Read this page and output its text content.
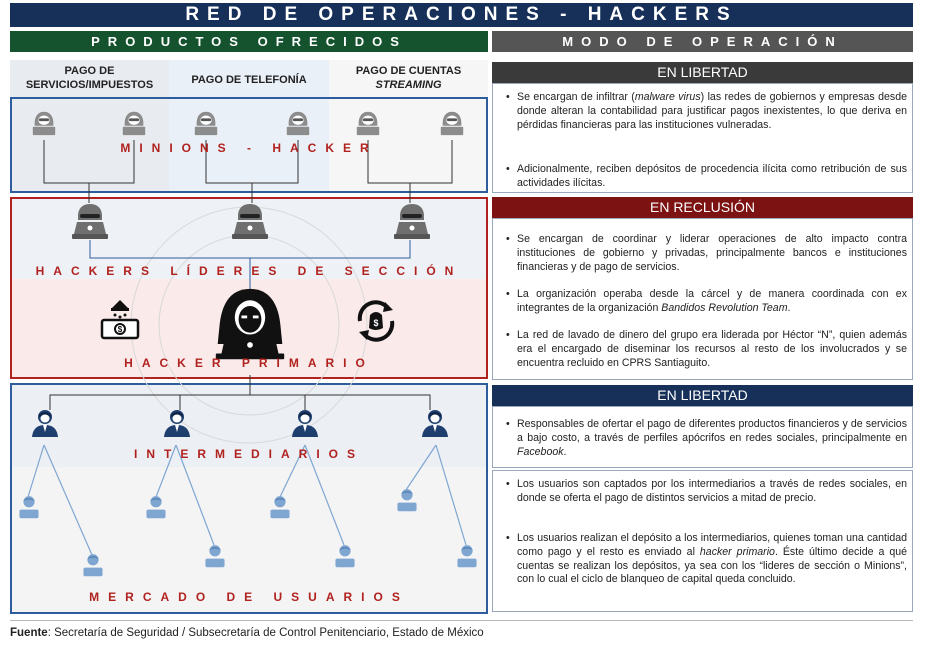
RED DE OPERACIONES - HACKERS
PRODUCTOS OFRECIDOS	MODO DE OPERACIÓN
PAGO DE
SERVICIOS/IMPUESTOS	PAGO DE TELEFONÍA
PAGO DE CUENTAS
STREAMING
MINIONS - HACKER
HACKERS LÍDERES DE SECCIÓN
$
$
HACKER PRIMARIO
INTERMEDIARIOS
MERCADO DE USUARIOS
EN LIBERTAD
• Se encargan de infiltrar (malware virus) las redes de gobiernos y empresas desde donde alteran la contabilidad para justificar pagos inexistentes, lo que deriva en pérdidas financieras para las instituciones vulneradas.
• Adicionalmente, reciben depósitos de procedencia ilícita como retribución de sus actividades ilícitas.
EN RECLUSIÓN
• Se encargan de coordinar y liderar operaciones de alto impacto contra instituciones de gobierno y privadas, principalmente bancos e instituciones financieras y de pago de servicios.
• La organización operaba desde la cárcel y de manera coordinada con ex integrantes de la organización Bandidos Revolution Team.
• La red de lavado de dinero del grupo era liderada por Héctor “N”, quien además era el encargado de diseminar los recursos al resto de los involucrados y se encuentra recluido en CPRS Santiaguito.
EN LIBERTAD
• Responsables de ofertar el pago de diferentes productos financieros y de servicios a bajo costo, a través de perfiles apócrifos en redes sociales, principalmente en Facebook.
• Los usuarios son captados por los intermediarios a través de redes sociales, en donde se oferta el pago de distintos servicios a mitad de precio.
• Los usuarios realizan el depósito a los intermediarios, quienes toman una cantidad como pago y el resto es enviado al hacker primario. Éste último decide a qué cuentas se realizan los depósitos, ya sea con los “lideres de sección o Minions”, con lo cual el ciclo de blanqueo de capital queda concluido.
Fuente: Secretaría de Seguridad / Subsecretaría de Control Penitenciario, Estado de México
